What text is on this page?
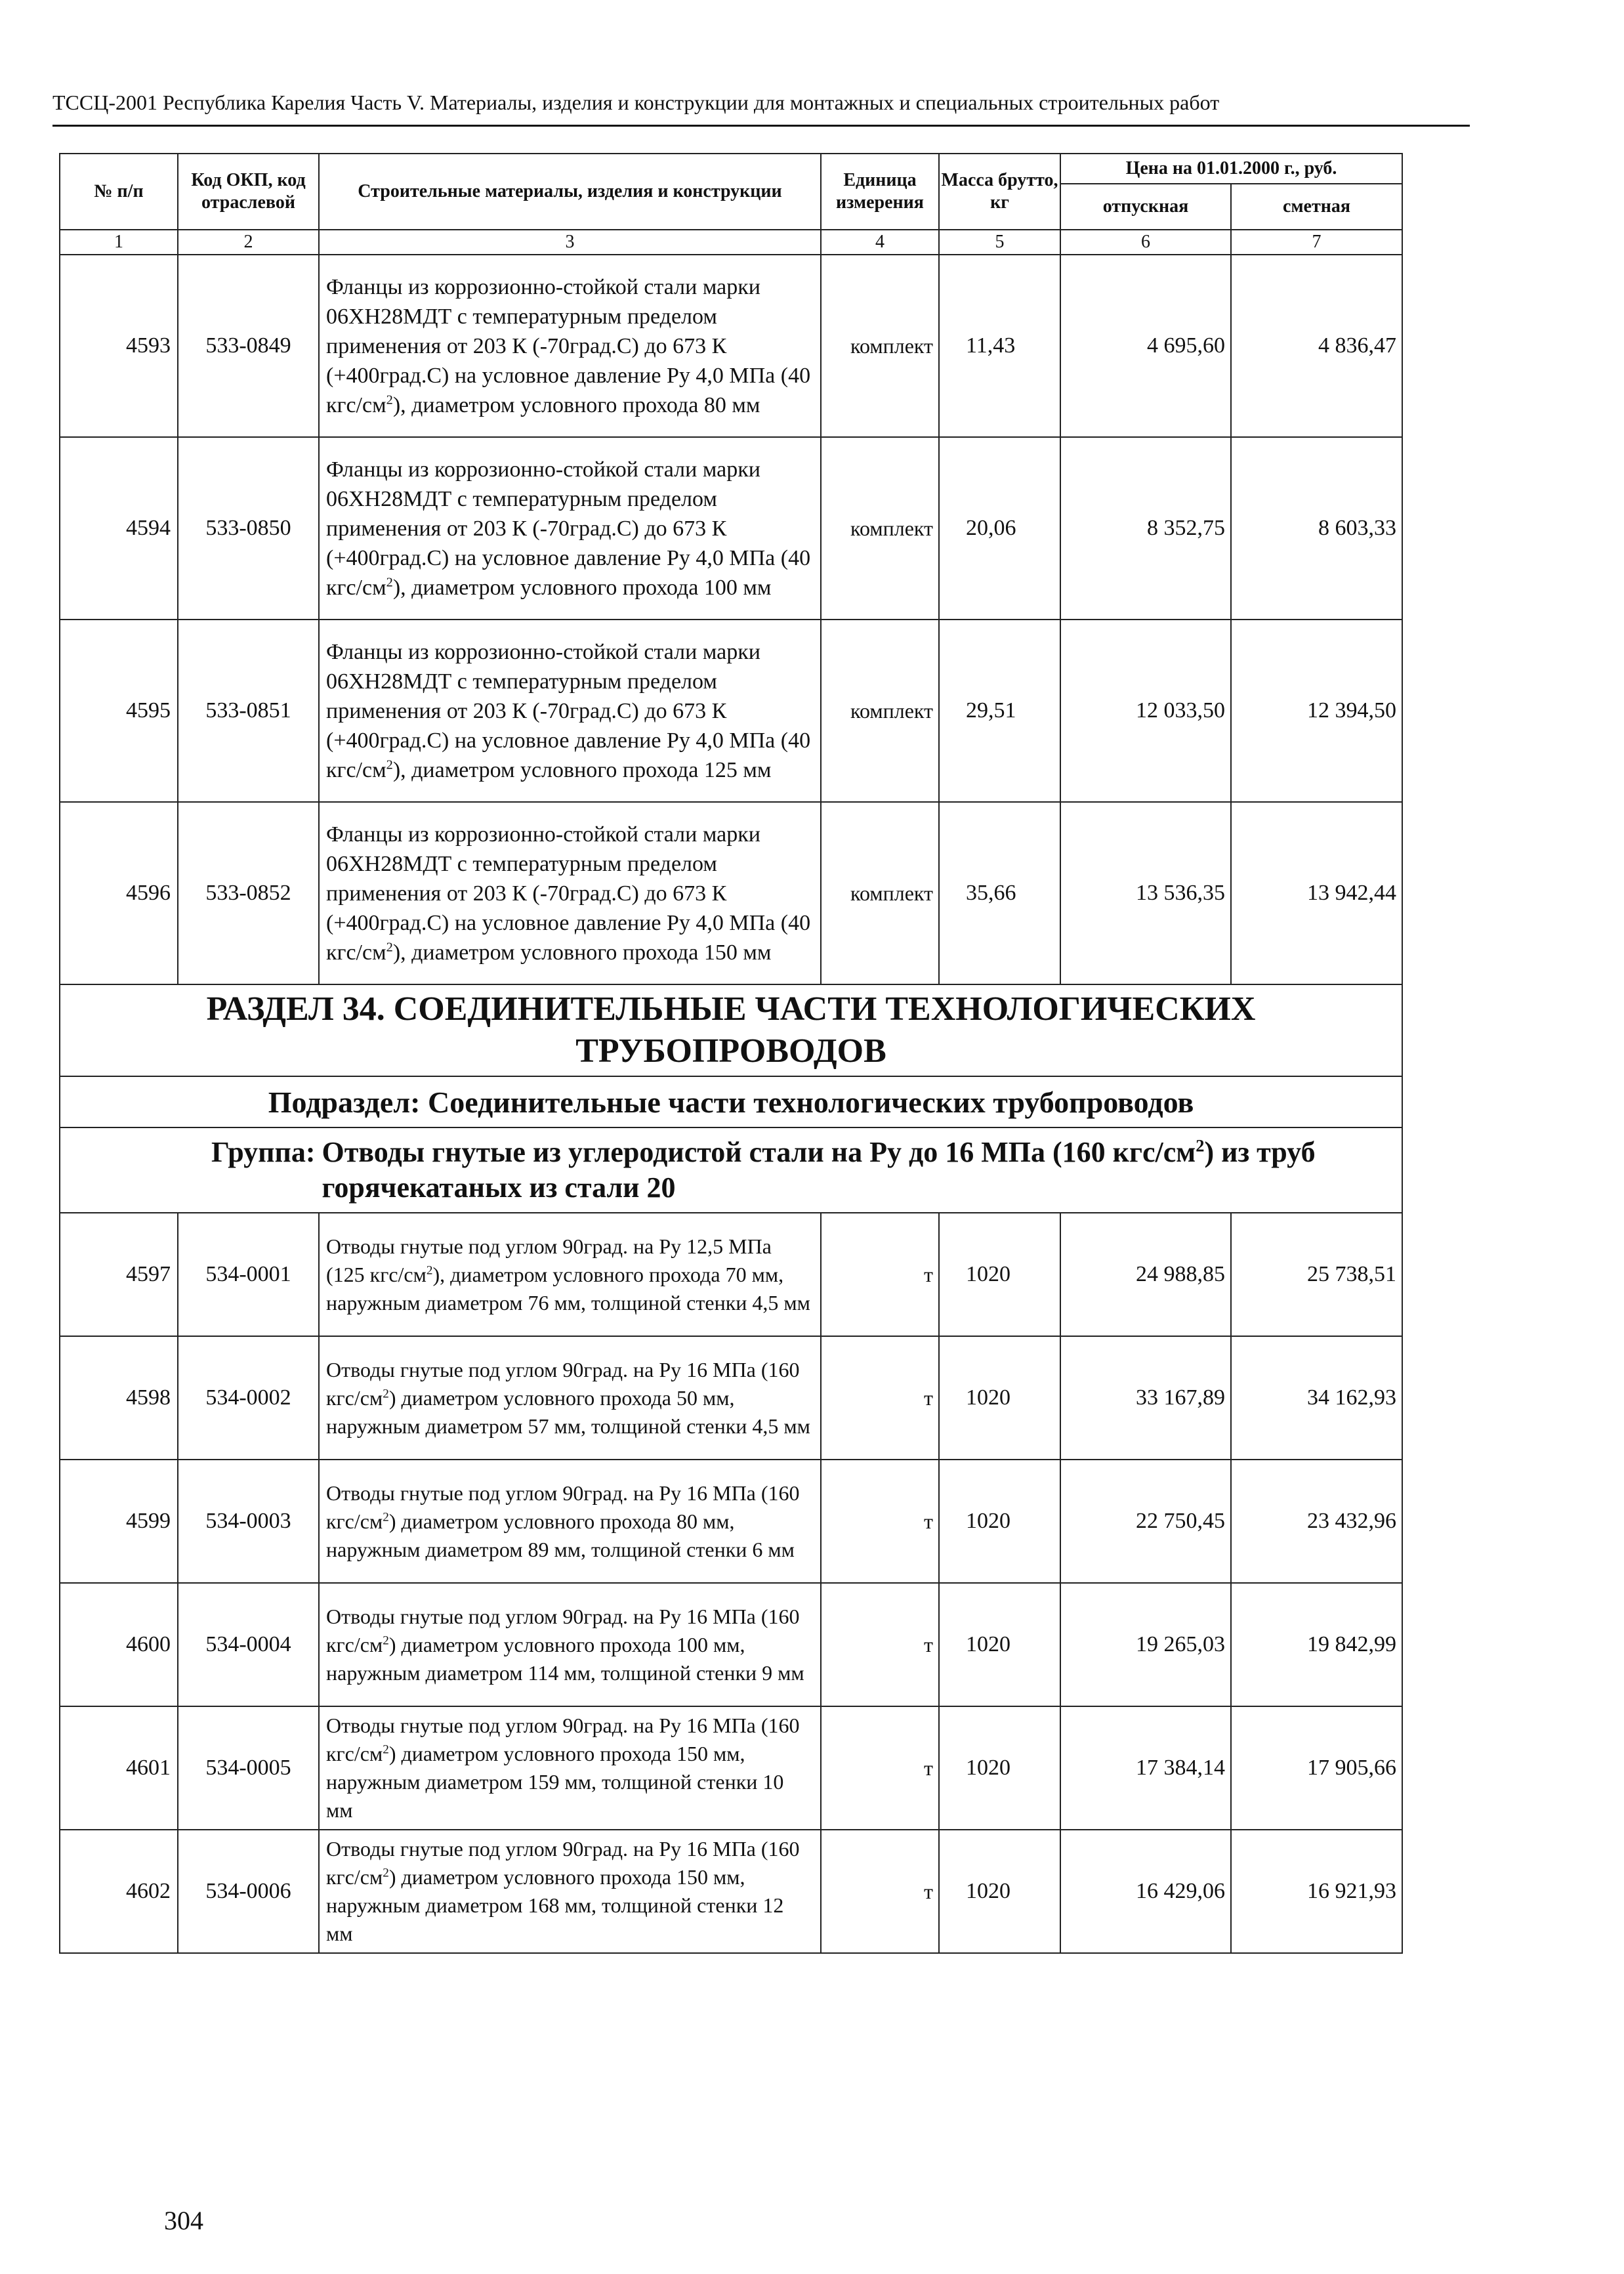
ТССЦ-2001 Республика Карелия Часть V. Материалы, изделия и конструкции для монтажных и специальных строительных работ
№ п/п	Код ОКП, код отраслевой	Строительные материалы, изделия и конструкции	Единица измерения	Масса брутто, кг	Цена на 01.01.2000 г., руб.	
					отпускная	сметная
1	2	3	4	5	6	7
4593	533-0849	Фланцы из коррозионно-стойкой стали марки 06ХН28МДТ с температурным пределом применения от 203 К (-70град.С) до 673 К (+400град.С) на условное давление Ру 4,0 МПа (40 кгс/$см^2$), диаметром условного прохода 80 мм	комплект	11,43	4 695,60	4 836,47
4594	533-0850	Фланцы из коррозионно-стойкой стали марки 06ХН28МДТ с температурным пределом применения от 203 К (-70град.С) до 673 К (+400град.С) на условное давление Ру 4,0 МПа (40 кгс/$см^2$), диаметром условного прохода 100 мм	комплект	20,06	8 352,75	8 603,33
4595	533-0851	Фланцы из коррозионно-стойкой стали марки 06ХН28МДТ с температурным пределом применения от 203 К (-70град.С) до 673 К (+400град.С) на условное давление Ру 4,0 МПа (40 кгс/$см^2$), диаметром условного прохода 125 мм	комплект	29,51	12 033,50	12 394,50
4596	533-0852	Фланцы из коррозионно-стойкой стали марки 06ХН28МДТ с температурным пределом применения от 203 К (-70град.С) до 673 К (+400град.С) на условное давление Ру 4,0 МПа (40 кгс/$см^2$), диаметром условного прохода 150 мм	комплект	35,66	13 536,35	13 942,44
РАЗДЕЛ 34. СОЕДИНИТЕЛЬНЫЕ ЧАСТИ ТЕХНОЛОГИЧЕСКИХ ТРУБОПРОВОДОВ						
Подраздел: Соединительные части технологических трубопроводов						
Группа: Отводы гнутые из углеродистой стали на Ру до 16 МПа (160 кгс/$см^2$) из труб горячекатаных из стали 20						
4597	534-0001	Отводы гнутые под углом 90град. на Ру 12,5 МПа (125 кгс/$см^2$), диаметром условного прохода 70 мм, наружным диаметром 76 мм, толщиной стенки 4,5 мм	т	1020	24 988,85	25 738,51
4598	534-0002	Отводы гнутые под углом 90град. на Ру 16 МПа (160 кгс/$см^2$) диаметром условного прохода 50 мм, наружным диаметром 57 мм, толщиной стенки 4,5 мм	т	1020	33 167,89	34 162,93
4599	534-0003	Отводы гнутые под углом 90град. на Ру 16 МПа (160 кгс/$см^2$) диаметром условного прохода 80 мм, наружным диаметром 89 мм, толщиной стенки 6 мм	т	1020	22 750,45	23 432,96
4600	534-0004	Отводы гнутые под углом 90град. на Ру 16 МПа (160 кгс/$см^2$) диаметром условного прохода 100 мм, наружным диаметром 114 мм, толщиной стенки 9 мм	т	1020	19 265,03	19 842,99
4601	534-0005	Отводы гнутые под углом 90град. на Ру 16 МПа (160 кгс/$см^2$) диаметром условного прохода 150 мм, наружным диаметром 159 мм, толщиной стенки 10 мм	т	1020	17 384,14	17 905,66
4602	534-0006	Отводы гнутые под углом 90град. на Ру 16 МПа (160 кгс/$см^2$) диаметром условного прохода 150 мм, наружным диаметром 168 мм, толщиной стенки 12 мм	т	1020	16 429,06	16 921,93
304
